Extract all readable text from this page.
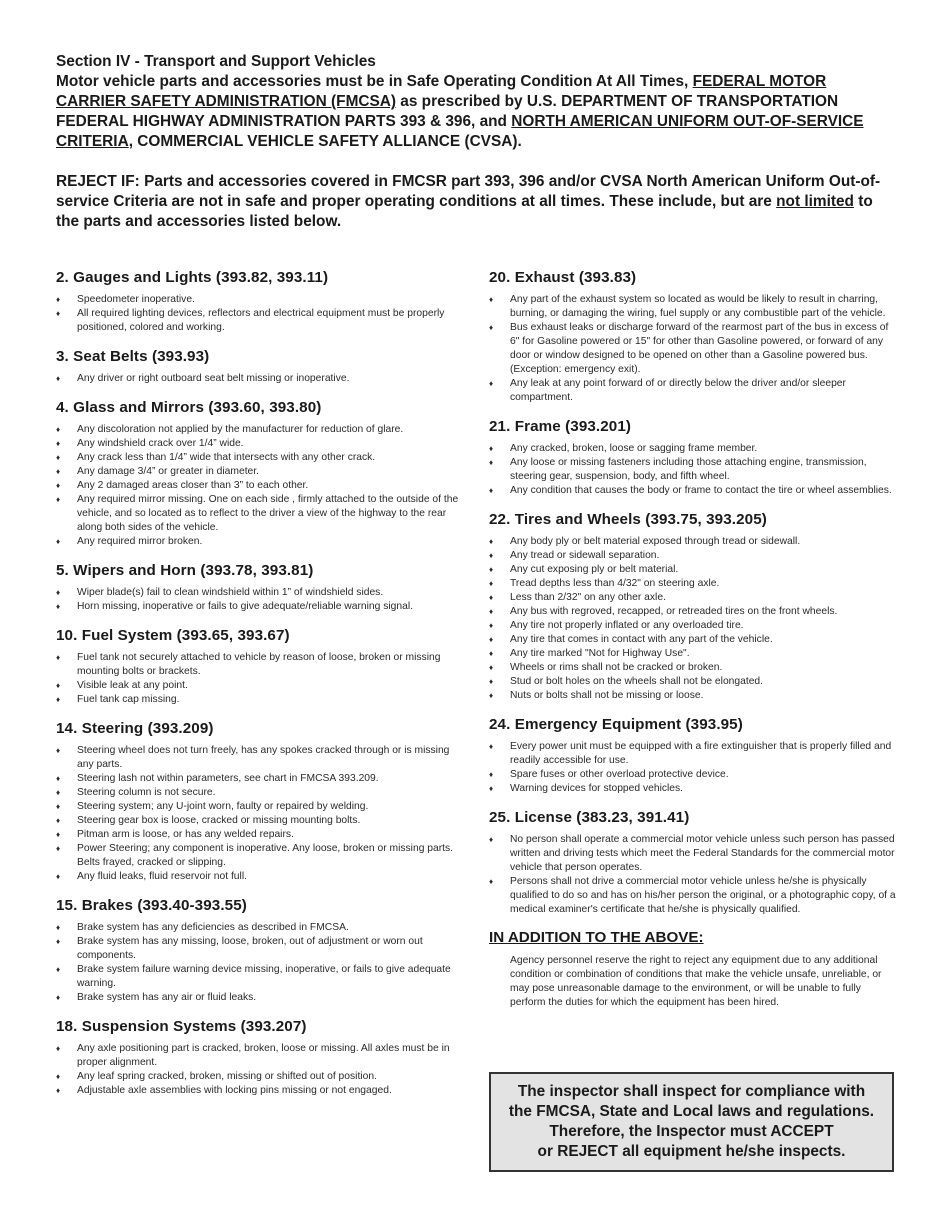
Section IV - Transport and Support Vehicles

Motor vehicle parts and accessories must be in Safe Operating Condition At All Times, FEDERAL MOTOR CARRIER SAFETY ADMINISTRATION (FMCSA) as prescribed by U.S. DEPARTMENT OF TRANSPORTATION FEDERAL HIGHWAY ADMINISTRATION PARTS 393 & 396, and NORTH AMERICAN UNIFORM OUT-OF-SERVICE CRITERIA, COMMERCIAL VEHICLE SAFETY ALLIANCE (CVSA).

REJECT IF: Parts and accessories covered in FMCSR part 393, 396 and/or CVSA North American Uniform Out-of-service Criteria are not in safe and proper operating conditions at all times. These include, but are not limited to the parts and accessories listed below.

2. Gauges and Lights (393.82, 393.11)
♦ Speedometer inoperative.
♦ All required lighting devices, reflectors and electrical equipment must be properly positioned, colored and working.
3. Seat Belts (393.93)
♦ Any driver or right outboard seat belt missing or inoperative.
4. Glass and Mirrors (393.60, 393.80)
♦ Any discoloration not applied by the manufacturer for reduction of glare.
♦ Any windshield crack over 1/4” wide.
♦ Any crack less than 1/4” wide that intersects with any other crack.
♦ Any damage 3/4” or greater in diameter.
♦ Any 2 damaged areas closer than 3” to each other.
♦ Any required mirror missing. One on each side , firmly attached to the outside of the vehicle, and so located as to reflect to the driver a view of the highway to the rear along both sides of the vehicle.
♦ Any required mirror broken.
5. Wipers and Horn (393.78, 393.81)
♦ Wiper blade(s) fail to clean windshield within 1” of windshield sides.
♦ Horn missing, inoperative or fails to give adequate/reliable warning signal.
10. Fuel System (393.65, 393.67)
♦ Fuel tank not securely attached to vehicle by reason of loose, broken or missing mounting bolts or brackets.
♦ Visible leak at any point.
♦ Fuel tank cap missing.
14. Steering (393.209)
♦ Steering wheel does not turn freely, has any spokes cracked through or is missing any parts.
♦ Steering lash not within parameters, see chart in FMCSA 393.209.
♦ Steering column is not secure.
♦ Steering system; any U-joint worn, faulty or repaired by welding.
♦ Steering gear box is loose, cracked or missing mounting bolts.
♦ Pitman arm is loose, or has any welded repairs.
♦ Power Steering; any component is inoperative. Any loose, broken or missing parts. Belts frayed, cracked or slipping.
♦ Any fluid leaks, fluid reservoir not full.
15. Brakes (393.40-393.55)
♦ Brake system has any deficiencies as described in FMCSA.
♦ Brake system has any missing, loose, broken, out of adjustment or worn out components.
♦ Brake system failure warning device missing, inoperative, or fails to give adequate warning.
♦ Brake system has any air or fluid leaks.
18. Suspension Systems (393.207)
♦ Any axle positioning part is cracked, broken, loose or missing. All axles must be in proper alignment.
♦ Any leaf spring cracked, broken, missing or shifted out of position.
♦ Adjustable axle assemblies with locking pins missing or not engaged.
20. Exhaust (393.83)
♦ Any part of the exhaust system so located as would be likely to result in charring, burning, or damaging the wiring, fuel supply or any combustible part of the vehicle.
♦ Bus exhaust leaks or discharge forward of the rearmost part of the bus in excess of 6" for Gasoline powered or 15" for other than Gasoline powered, or forward of any door or window designed to be opened on other than a Gasoline powered bus. (Exception: emergency exit).
♦ Any leak at any point forward of or directly below the driver and/or sleeper compartment.
21. Frame (393.201)
♦ Any cracked, broken, loose or sagging frame member.
♦ Any loose or missing fasteners including those attaching engine, transmission, steering gear, suspension, body, and fifth wheel.
♦ Any condition that causes the body or frame to contact the tire or wheel assemblies.
22. Tires and Wheels (393.75, 393.205)
♦ Any body ply or belt material exposed through tread or sidewall.
♦ Any tread or sidewall separation.
♦ Any cut exposing ply or belt material.
♦ Tread depths less than 4/32" on steering axle.
♦ Less than 2/32" on any other axle.
♦ Any bus with regroved, recapped, or retreaded tires on the front wheels.
♦ Any tire not properly inflated or any overloaded tire.
♦ Any tire that comes in contact with any part of the vehicle.
♦ Any tire marked "Not for Highway Use".
♦ Wheels or rims shall not be cracked or broken.
♦ Stud or bolt holes on the wheels shall not be elongated.
♦ Nuts or bolts shall not be missing or loose.
24. Emergency Equipment (393.95)
♦ Every power unit must be equipped with a fire extinguisher that is properly filled and readily accessible for use.
♦ Spare fuses or other overload protective device.
♦ Warning devices for stopped vehicles.
25. License (383.23, 391.41)
♦ No person shall operate a commercial motor vehicle unless such person has passed written and driving tests which meet the Federal Standards for the commercial motor vehicle that person operates.
♦ Persons shall not drive a commercial motor vehicle unless he/she is physically qualified to do so and has on his/her person the original, or a photographic copy, of a medical examiner's certificate that he/she is physically qualified.
IN ADDITION TO THE ABOVE:

Agency personnel reserve the right to reject any equipment due to any additional condition or combination of conditions that make the vehicle unsafe, unreliable, or may pose unreasonable damage to the environment, or will be unable to fully perform the duties for which the equipment has been hired.

The inspector shall inspect for compliance with
the FMCSA, State and Local laws and regulations.
Therefore, the Inspector must ACCEPT
or REJECT all equipment he/she inspects.
